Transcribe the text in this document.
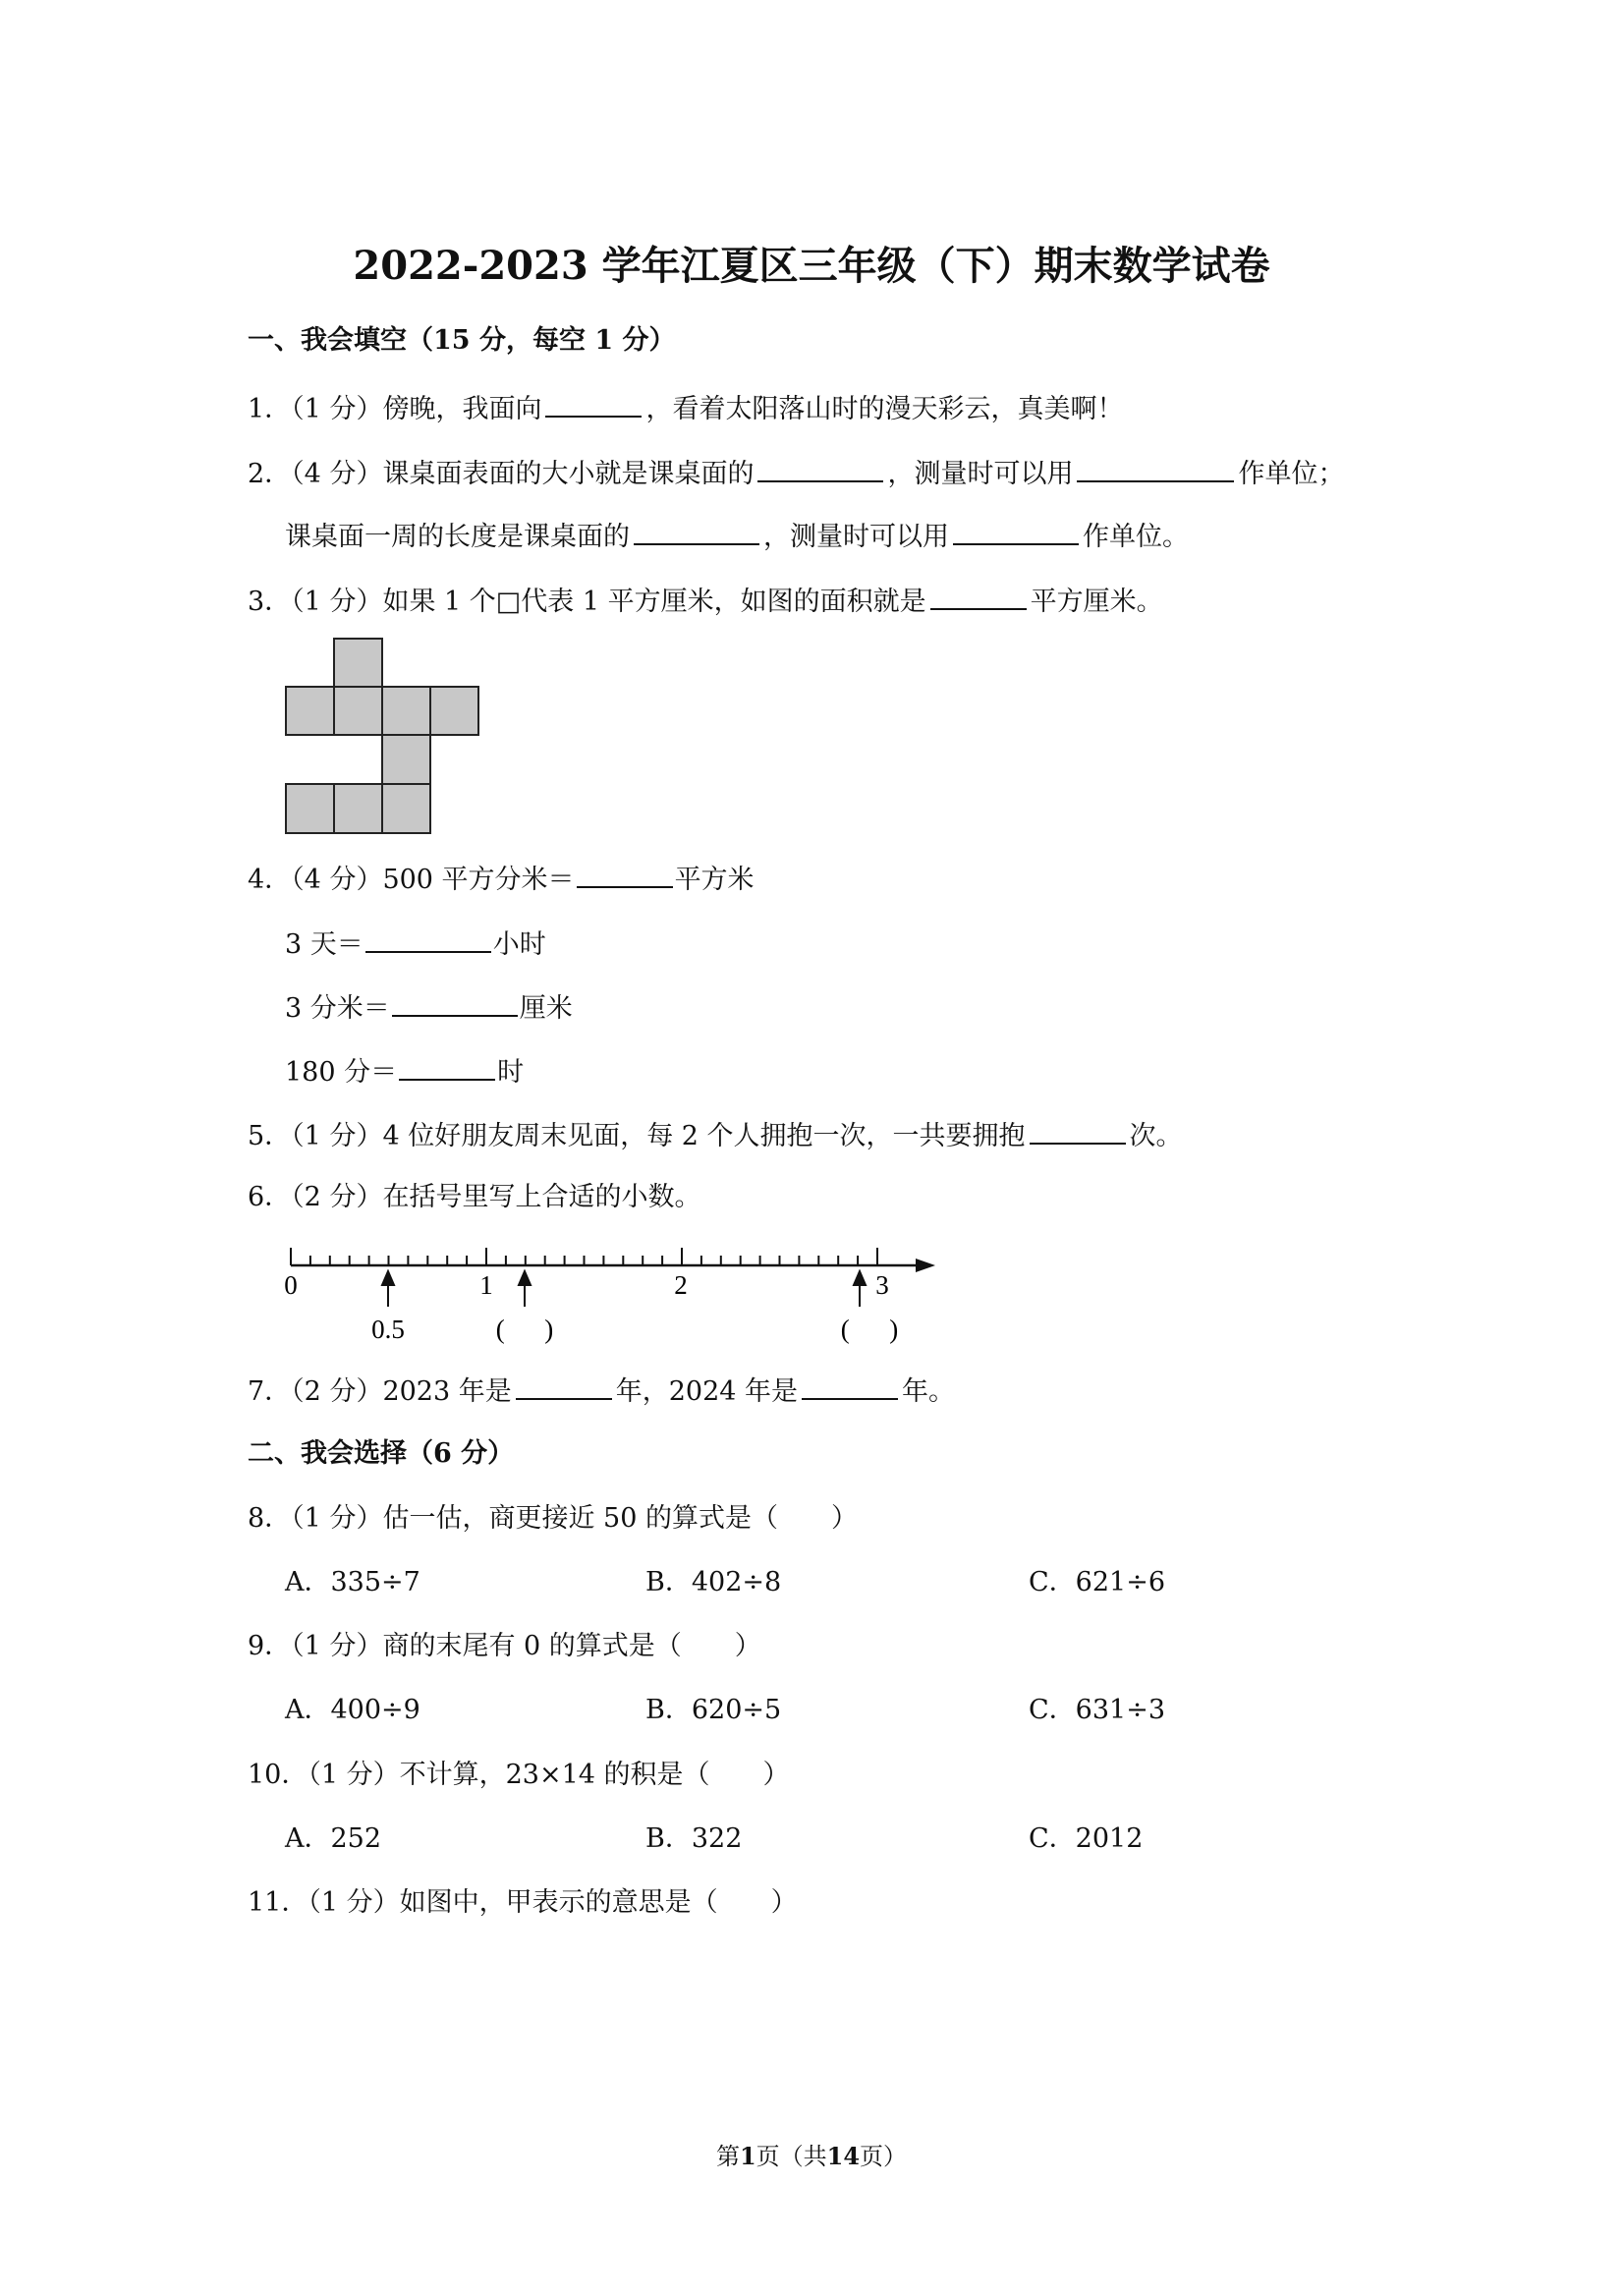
2022-2023 学年江夏区三年级（下）期末数学试卷
一、我会填空（15 分，每空 1 分）
1．（1 分）傍晚，我面向	，看着太阳落山时的漫天彩云，真美啊！
2．（4 分）课桌面表面的大小就是课桌面的	，测量时可以用	作单位；
课桌面一周的长度是课桌面的	，测量时可以用	作单位。
3．（1 分）如果 1 个□代表 1 平方厘米，如图的面积就是	平方厘米。
4．（4 分）500 平方分米＝	平方米
3 天＝	小时
3 分米＝	厘米
180 分＝	时
5．（1 分）4 位好朋友周末见面，每 2 个人拥抱一次，一共要拥抱	次。
6．（2 分）在括号里写上合适的小数。
0	1	2	3
0.5	(      )	(      )
7．（2 分）2023 年是	年，2024 年是	年。
二、我会选择（6 分）
8．（1 分）估一估，商更接近 50 的算式是（　　）
A．335÷7	B．402÷8	C．621÷6
9．（1 分）商的末尾有 0 的算式是（　　）
A．400÷9	B．620÷5	C．631÷3
10．（1 分）不计算，23×14 的积是（　　）
A．252	B．322	C．2012
11．（1 分）如图中，甲表示的意思是（　　）
第1页（共14页）
